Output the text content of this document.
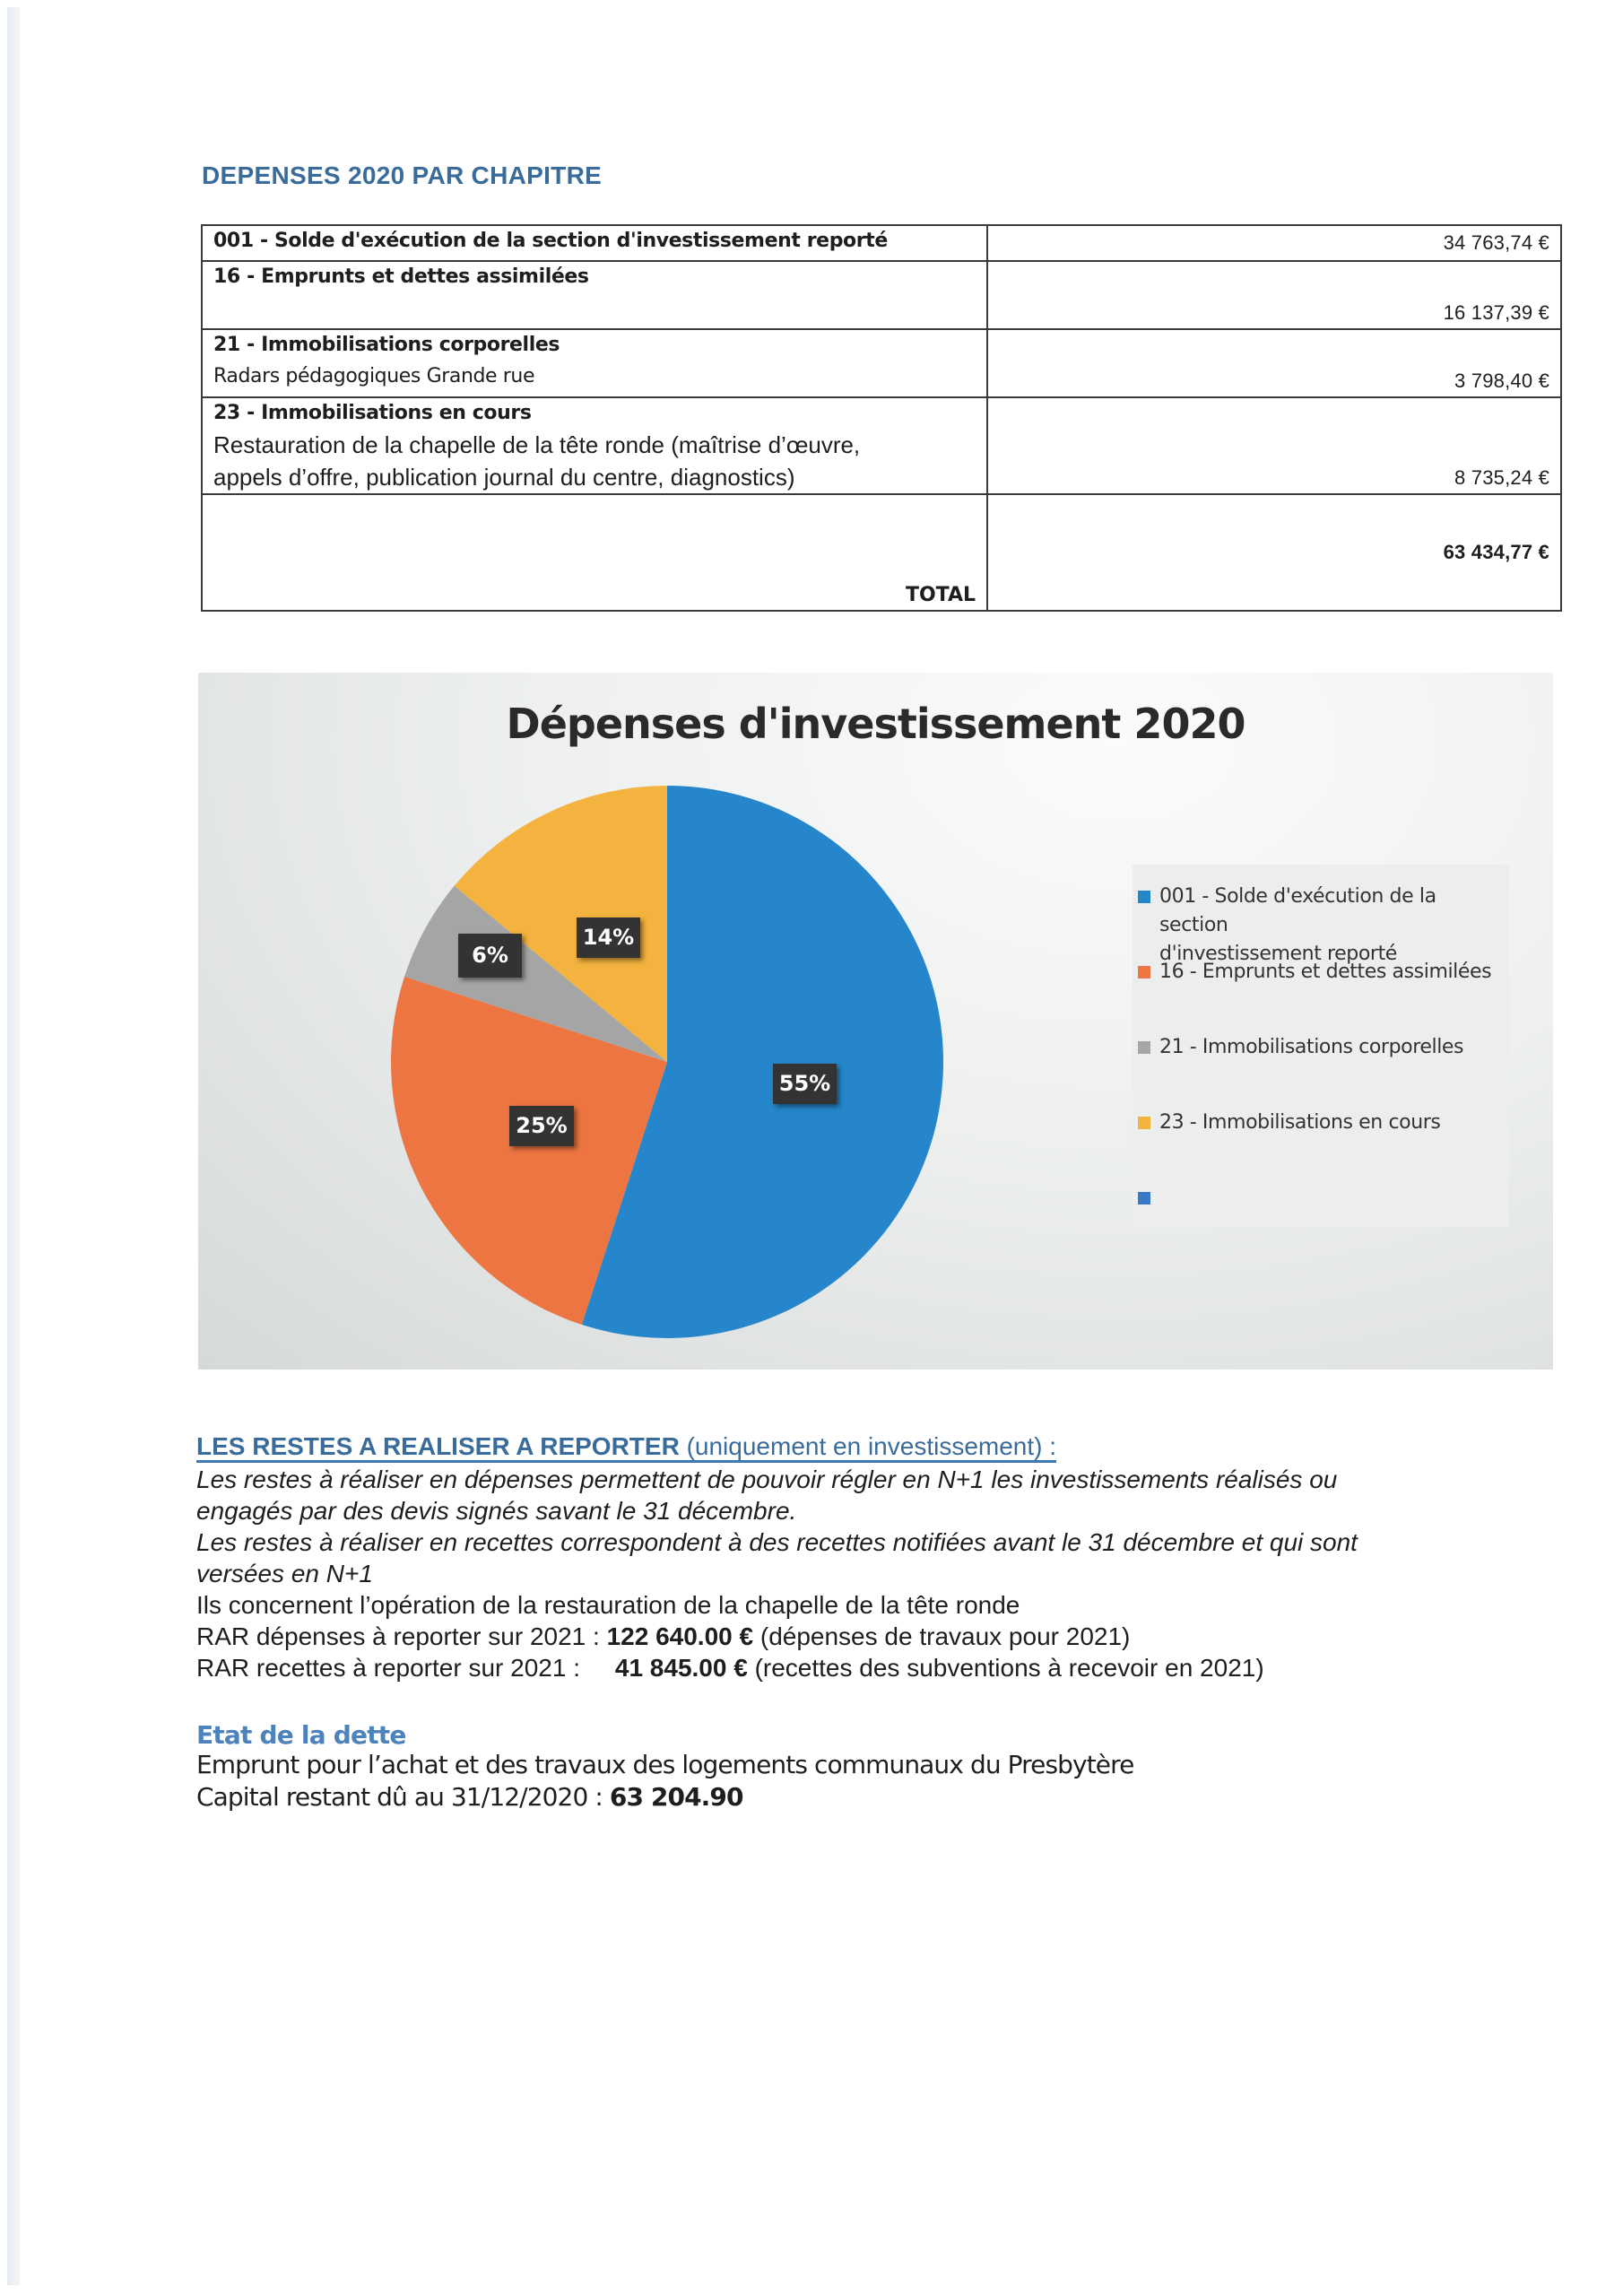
DEPENSES 2020 PAR CHAPITRE
001 - Solde d'exécution de la section d'investissement reporté	34 763,74 €

16 - Emprunts et dettes assimilées	16 137,39 €

21 - Immobilisations corporelles
Radars pédagogiques Grande rue	3 798,40 €

23 - Immobilisations en cours
Restauration de la chapelle de la tête ronde (maîtrise d’œuvre,
appels d’offre, publication journal du centre, diagnostics)	8 735,24 €
TOTAL	63 434,77 €
Dépenses d'investissement 2020
55%
25%
6%
14%
001 - Solde d'exécution de la section
d'investissement reporté
16 - Emprunts et dettes assimilées
21 - Immobilisations corporelles
23 - Immobilisations en cours
LES RESTES A REALISER A REPORTER (uniquement en investissement) :
Les restes à réaliser en dépenses permettent de pouvoir régler en N+1 les investissements réalisés ou
engagés par des devis signés savant le 31 décembre.
Les restes à réaliser en recettes correspondent à des recettes notifiées avant le 31 décembre et qui sont
versées en N+1
Ils concernent l’opération de la restauration de la chapelle de la tête ronde
RAR dépenses à reporter sur 2021 : 122 640.00 € (dépenses de travaux pour 2021)
RAR recettes à reporter sur 2021 :     41 845.00 € (recettes des subventions à recevoir en 2021)
Etat de la dette
Emprunt pour l’achat et des travaux des logements communaux du Presbytère
Capital restant dû au 31/12/2020 : 63 204.90
